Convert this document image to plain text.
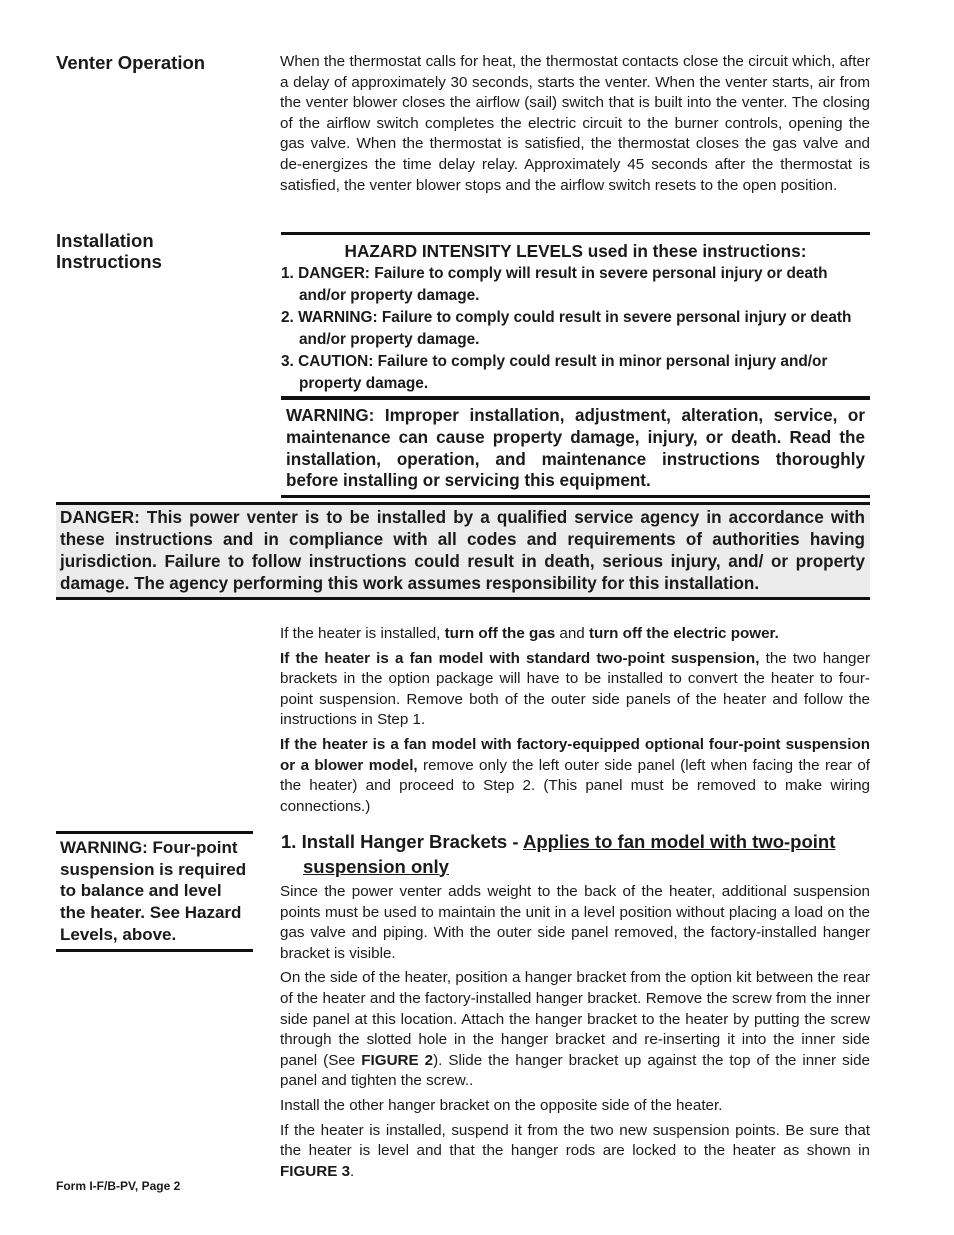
Venter Operation	When the thermostat calls for heat, the thermostat contacts close the circuit which, after a delay of approximately 30 seconds, starts the venter. When the venter starts, air from the venter blower closes the airflow (sail) switch that is built into the venter. The closing of the airflow switch completes the electric circuit to the burner controls, opening the gas valve. When the thermostat is satisfied, the thermostat closes the gas valve and de-energizes the time delay relay. Approximately 45 seconds after the thermostat is satisfied, the venter blower stops and the airflow switch resets to the open position.

Installation
Instructions	HAZARD INTENSITY LEVELS used in these instructions:
1. DANGER: Failure to comply will result in severe personal injury or death and/or property damage.
2. WARNING: Failure to comply could result in severe personal injury or death and/or property damage.
3. CAUTION: Failure to comply could result in minor personal injury and/or property damage.
WARNING: Improper installation, adjustment, alteration, service, or maintenance can cause property damage, injury, or death. Read the installation, operation, and maintenance instructions thoroughly before installing or servicing this equipment.
DANGER: This power venter is to be installed by a qualified service agency in accordance with these instructions and in compliance with all codes and requirements of authorities having jurisdiction. Failure to follow instructions could result in death, serious injury, and/ or property damage. The agency performing this work assumes responsibility for this installation.

If the heater is installed, turn off the gas and turn off the electric power.

If the heater is a fan model with standard two-point suspension, the two hanger brackets in the option package will have to be installed to convert the heater to four-point suspension. Remove both of the outer side panels of the heater and follow the instructions in Step 1.

If the heater is a fan model with factory-equipped optional four-point suspension or a blower model, remove only the left outer side panel (left when facing the rear of the heater) and proceed to Step 2. (This panel must be removed to make wiring connections.)

WARNING: Four-point suspension is required to balance and level the heater. See Hazard Levels, above.
1. Install Hanger Brackets - Applies to fan model with two-point suspension only

Since the power venter adds weight to the back of the heater, additional suspension points must be used to maintain the unit in a level position without placing a load on the gas valve and piping. With the outer side panel removed, the factory-installed hanger bracket is visible.

On the side of the heater, position a hanger bracket from the option kit between the rear of the heater and the factory-installed hanger bracket. Remove the screw from the inner side panel at this location. Attach the hanger bracket to the heater by putting the screw through the slotted hole in the hanger bracket and re-inserting it into the inner side panel (See FIGURE 2). Slide the hanger bracket up against the top of the inner side panel and tighten the screw..

Install the other hanger bracket on the opposite side of the heater.

If the heater is installed, suspend it from the two new suspension points. Be sure that the heater is level and that the hanger rods are locked to the heater as shown in FIGURE 3.

Form I-F/B-PV, Page 2
